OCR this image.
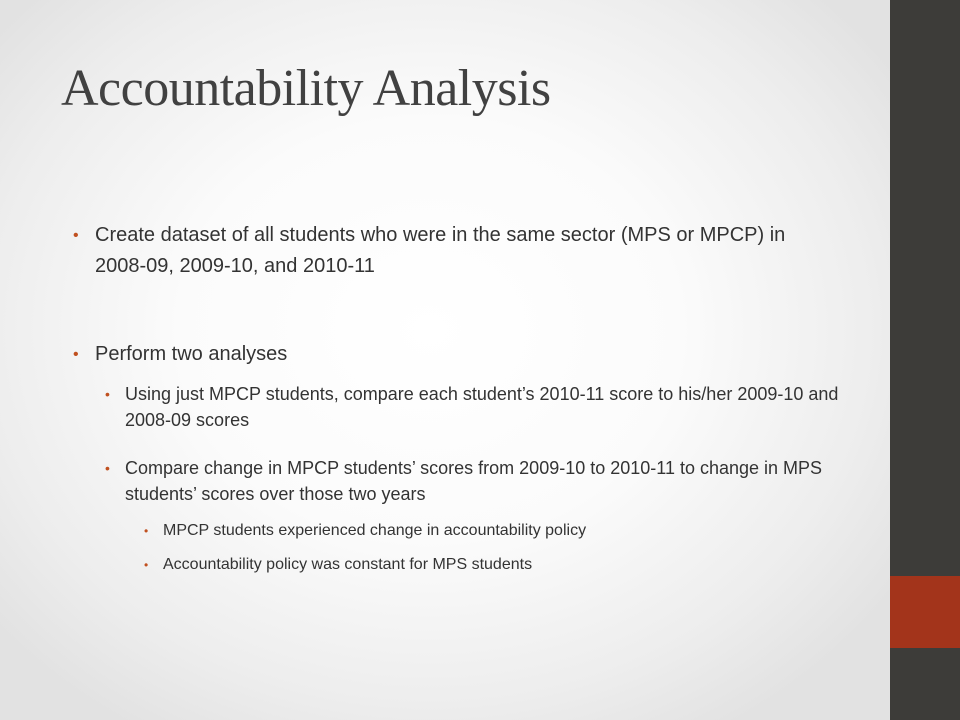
Accountability Analysis
• Create dataset of all students who were in the same sector (MPS or MPCP) in 2008-09, 2009-10, and 2010-11
• Perform two analyses
• Using just MPCP students, compare each student’s 2010-11 score to his/her 2009-10 and 2008-09 scores
• Compare change in MPCP students’ scores from 2009-10 to 2010-11 to change in MPS students’ scores over those two years
• MPCP students experienced change in accountability policy
• Accountability policy was constant for MPS students
